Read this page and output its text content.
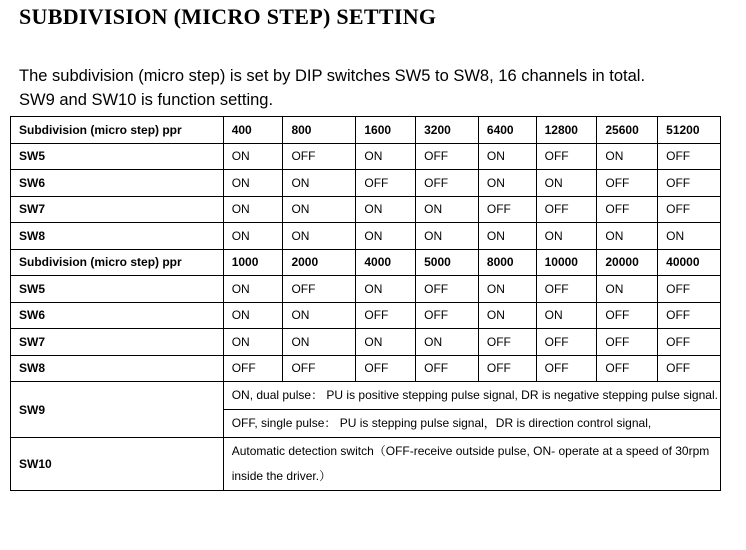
SUBDIVISION (MICRO STEP) SETTING
The subdivision (micro step) is set by DIP switches SW5 to SW8, 16 channels in total.
SW9 and SW10 is function setting.
Subdivision (micro step) ppr	400	800	1600	3200	6400	12800	25600	51200
SW5	ON	OFF	ON	OFF	ON	OFF	ON	OFF
SW6	ON	ON	OFF	OFF	ON	ON	OFF	OFF
SW7	ON	ON	ON	ON	OFF	OFF	OFF	OFF
SW8	ON	ON	ON	ON	ON	ON	ON	ON
Subdivision (micro step) ppr	1000	2000	4000	5000	8000	10000	20000	40000
SW5	ON	OFF	ON	OFF	ON	OFF	ON	OFF
SW6	ON	ON	OFF	OFF	ON	ON	OFF	OFF
SW7	ON	ON	ON	ON	OFF	OFF	OFF	OFF
SW8	OFF	OFF	OFF	OFF	OFF	OFF	OFF	OFF
SW9	ON, dual pulse： PU is positive stepping pulse signal, DR is negative stepping pulse signal.
OFF, single pulse： PU is stepping pulse signal，DR is direction control signal,							

SW10	Automatic detection switch（OFF-receive outside pulse, ON- operate at a speed of 30rpm inside the driver.）							
